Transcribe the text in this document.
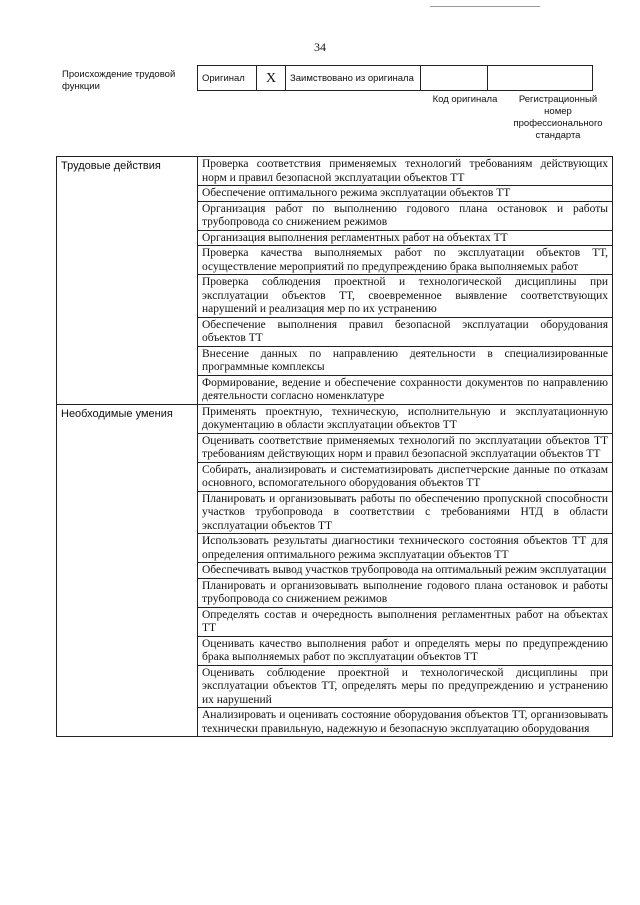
34
Происхождение трудовой функции
Оригинал	X	Заимствовано из оригинала		
Код оригинала	Регистрационный номер профессионального стандарта
Трудовые действия	Проверка соответствия применяемых технологий требованиям действующих норм и правил безопасной эксплуатации объектов ТТ
	Обеспечение оптимального режима эксплуатации объектов ТТ
	Организация работ по выполнению годового плана остановок и работы трубопровода со снижением режимов
	Организация выполнения регламентных работ на объектах ТТ
	Проверка качества выполняемых работ по эксплуатации объектов ТТ, осуществление мероприятий по предупреждению брака выполняемых работ
	Проверка соблюдения проектной и технологической дисциплины при эксплуатации объектов ТТ, своевременное выявление соответствующих нарушений и реализация мер по их устранению
	Обеспечение выполнения правил безопасной эксплуатации оборудования объектов ТТ
	Внесение данных по направлению деятельности в специализированные программные комплексы
	Формирование, ведение и обеспечение сохранности документов по направлению деятельности согласно номенклатуре
Необходимые умения	Применять проектную, техническую, исполнительную и эксплуатационную документацию в области эксплуатации объектов ТТ
	Оценивать соответствие применяемых технологий по эксплуатации объектов ТТ требованиям действующих норм и правил безопасной эксплуатации объектов ТТ
	Собирать, анализировать и систематизировать диспетчерские данные по отказам основного, вспомогательного оборудования объектов ТТ
	Планировать и организовывать работы по обеспечению пропускной способности участков трубопровода в соответствии с требованиями НТД в области эксплуатации объектов ТТ
	Использовать результаты диагностики технического состояния объектов ТТ для определения оптимального режима эксплуатации объектов ТТ
	Обеспечивать вывод участков трубопровода на оптимальный режим эксплуатации
	Планировать и организовывать выполнение годового плана остановок и работы трубопровода со снижением режимов
	Определять состав и очередность выполнения регламентных работ на объектах ТТ
	Оценивать качество выполнения работ и определять меры по предупреждению брака выполняемых работ по эксплуатации объектов ТТ
	Оценивать соблюдение проектной и технологической дисциплины при эксплуатации объектов ТТ, определять меры по предупреждению и устранению их нарушений
	Анализировать и оценивать состояние оборудования объектов ТТ, организовывать технически правильную, надежную и безопасную эксплуатацию оборудования
